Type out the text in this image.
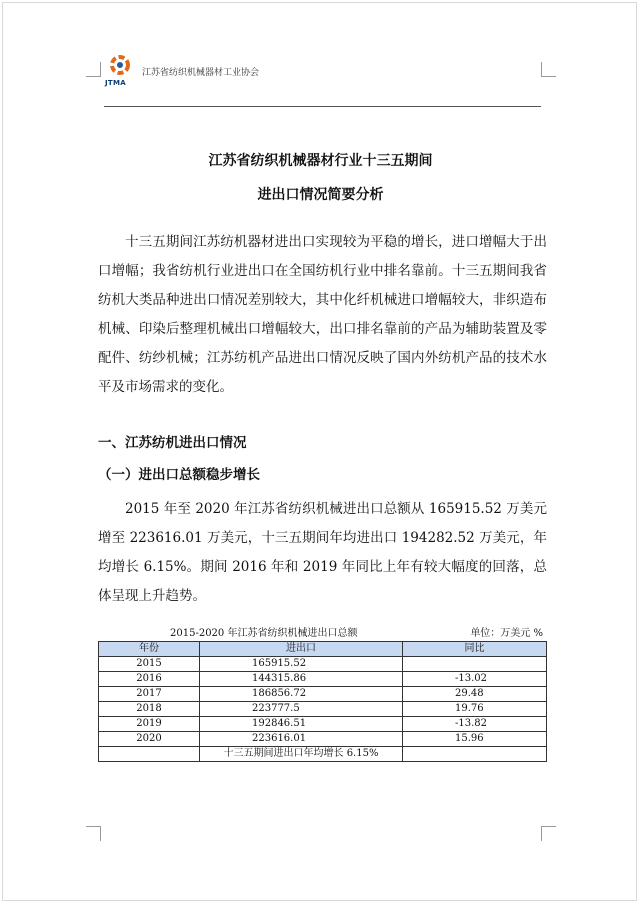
JTMA
江苏省纺织机械器材工业协会
江苏省纺织机械器材行业十三五期间
进出口情况简要分析

十三五期间江苏纺机器材进出口实现较为平稳的增长，进口增幅大于出口增幅；我省纺机行业进出口在全国纺机行业中排名靠前。十三五期间我省纺机大类品种进出口情况差别较大，其中化纤机械进口增幅较大，非织造布机械、印染后整理机械出口增幅较大，出口排名靠前的产品为辅助装置及零配件、纺纱机械；江苏纺机产品进出口情况反映了国内外纺机产品的技术水平及市场需求的变化。

一、江苏纺机进出口情况
（一）进出口总额稳步增长

2015 年至 2020 年江苏省纺织机械进出口总额从 165915.52 万美元增至 223616.01 万美元，十三五期间年均进出口 194282.52 万美元，年均增长 6.15%。期间 2016 年和 2019 年同比上年有较大幅度的回落，总体呈现上升趋势。

2015-2020 年江苏省纺织机械进出口总额	单位：万美元 %
年份	进出口	同比
2015	165915.52	
2016	144315.86	-13.02
2017	186856.72	29.48
2018	223777.5	19.76
2019	192846.51	-13.82
2020	223616.01	15.96
	十三五期间进出口年均增长 6.15%	
